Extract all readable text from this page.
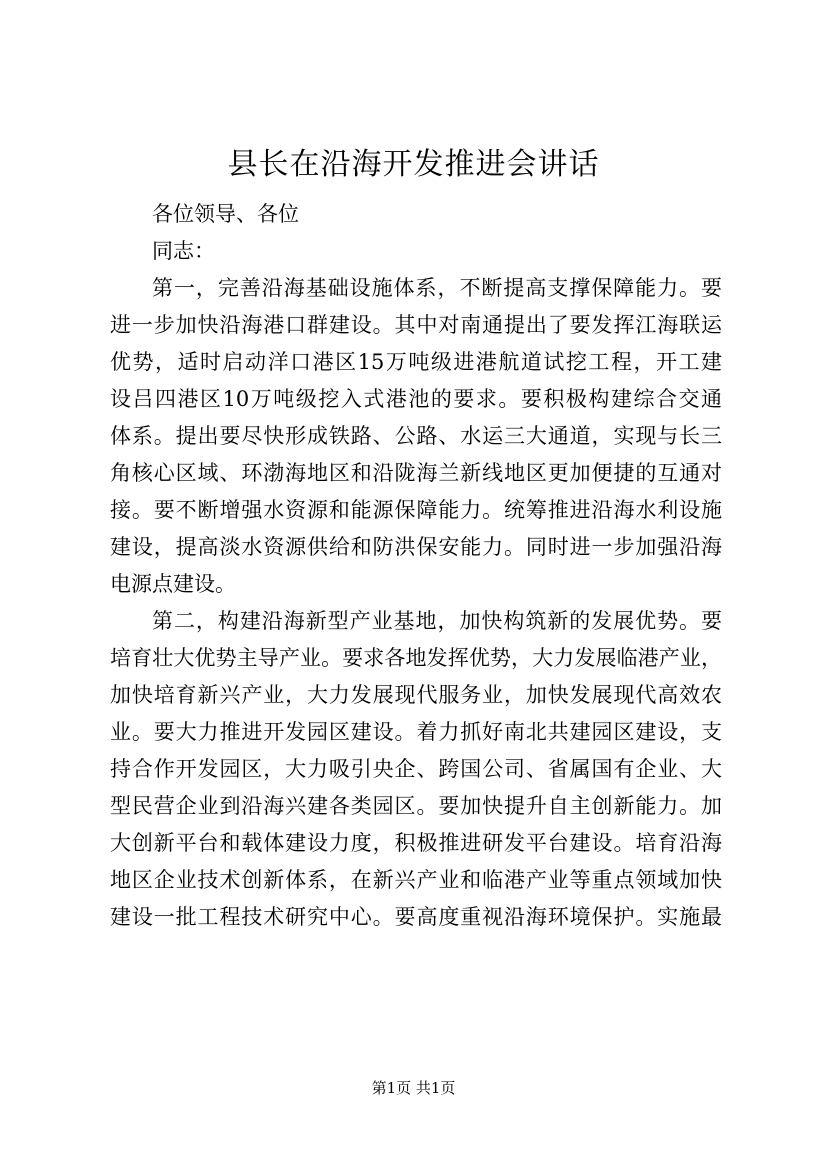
县长在沿海开发推进会讲话
各位领导、各位
同志：
第一，完善沿海基础设施体系，不断提高支撑保障能力。要
进一步加快沿海港口群建设。其中对南通提出了要发挥江海联运
优势，适时启动洋口港区15万吨级进港航道试挖工程，开工建
设吕四港区10万吨级挖入式港池的要求。要积极构建综合交通
体系。提出要尽快形成铁路、公路、水运三大通道，实现与长三
角核心区域、环渤海地区和沿陇海兰新线地区更加便捷的互通对
接。要不断增强水资源和能源保障能力。统筹推进沿海水利设施
建设，提高淡水资源供给和防洪保安能力。同时进一步加强沿海
电源点建设。
第二，构建沿海新型产业基地，加快构筑新的发展优势。要
培育壮大优势主导产业。要求各地发挥优势，大力发展临港产业，
加快培育新兴产业，大力发展现代服务业，加快发展现代高效农
业。要大力推进开发园区建设。着力抓好南北共建园区建设，支
持合作开发园区，大力吸引央企、跨国公司、省属国有企业、大
型民营企业到沿海兴建各类园区。要加快提升自主创新能力。加
大创新平台和载体建设力度，积极推进研发平台建设。培育沿海
地区企业技术创新体系，在新兴产业和临港产业等重点领域加快
建设一批工程技术研究中心。要高度重视沿海环境保护。实施最
第1页 共1页
